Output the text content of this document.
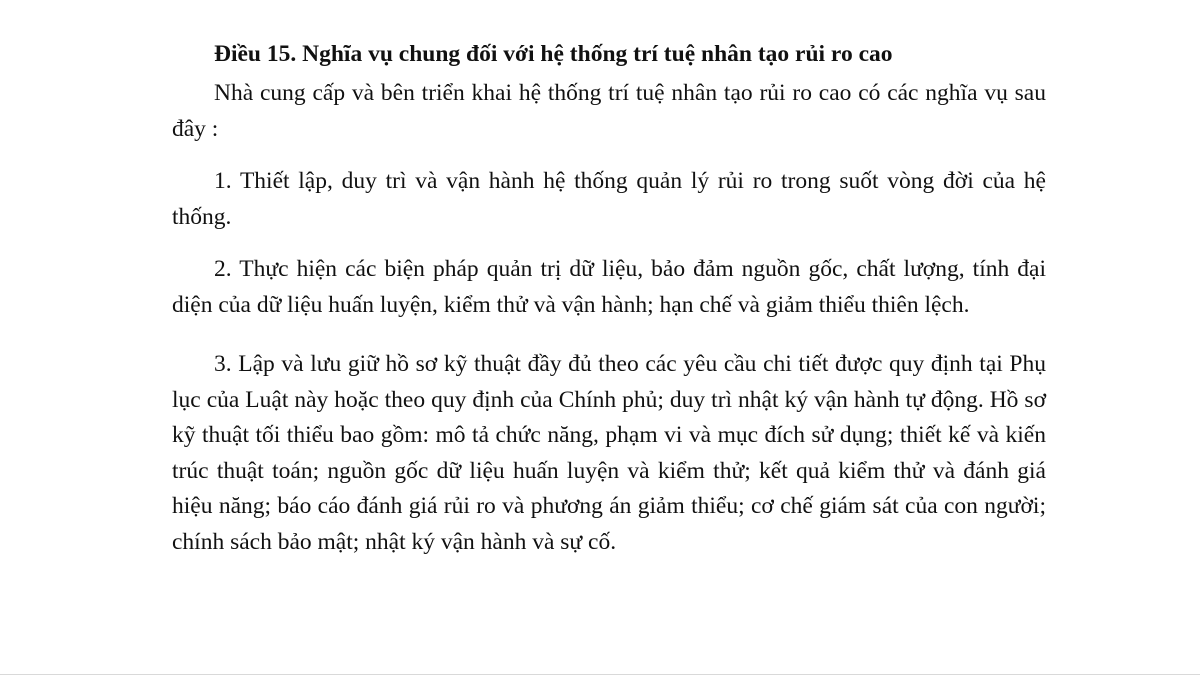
Điều 15. Nghĩa vụ chung đối với hệ thống trí tuệ nhân tạo rủi ro cao

Nhà cung cấp và bên triển khai hệ thống trí tuệ nhân tạo rủi ro cao có các nghĩa vụ sau đây :

1. Thiết lập, duy trì và vận hành hệ thống quản lý rủi ro trong suốt vòng đời của hệ thống.

2. Thực hiện các biện pháp quản trị dữ liệu, bảo đảm nguồn gốc, chất lượng, tính đại diện của dữ liệu huấn luyện, kiểm thử và vận hành; hạn chế và giảm thiểu thiên lệch.

3. Lập và lưu giữ hồ sơ kỹ thuật đầy đủ theo các yêu cầu chi tiết được quy định tại Phụ lục của Luật này hoặc theo quy định của Chính phủ; duy trì nhật ký vận hành tự động. Hồ sơ kỹ thuật tối thiểu bao gồm: mô tả chức năng, phạm vi và mục đích sử dụng; thiết kế và kiến trúc thuật toán; nguồn gốc dữ liệu huấn luyện và kiểm thử; kết quả kiểm thử và đánh giá hiệu năng; báo cáo đánh giá rủi ro và phương án giảm thiểu; cơ chế giám sát của con người; chính sách bảo mật; nhật ký vận hành và sự cố.
